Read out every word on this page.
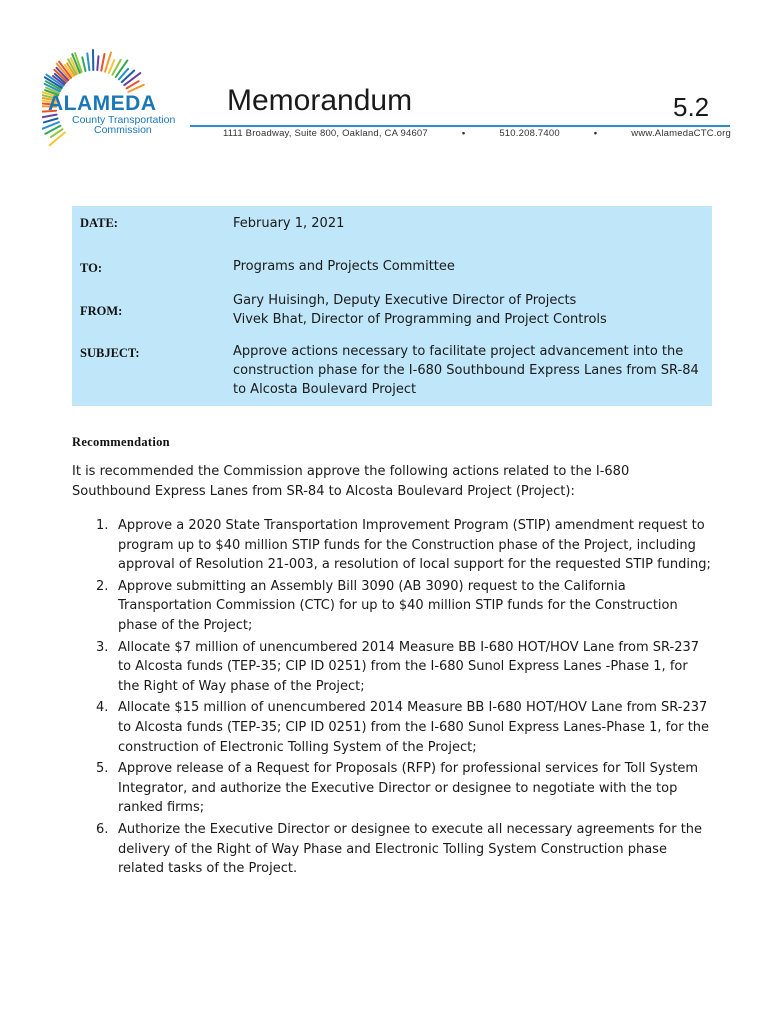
ALAMEDA
County Transportation
Commission
Memorandum	5.2
1111 Broadway, Suite 800, Oakland, CA 94607	•	510.208.7400	•	www.AlamedaCTC.org
DATE:	February 1, 2021
TO:	Programs and Projects Committee
FROM:
Gary Huisingh, Deputy Executive Director of Projects
Vivek Bhat, Director of Programming and Project Controls
SUBJECT:	Approve actions necessary to facilitate project advancement into the construction phase for the I-680 Southbound Express Lanes from SR-84 to Alcosta Boulevard Project
Recommendation
It is recommended the Commission approve the following actions related to the I-680 Southbound Express Lanes from SR-84 to Alcosta Boulevard Project (Project):
1. Approve a 2020 State Transportation Improvement Program (STIP) amendment request to program up to $40 million STIP funds for the Construction phase of the Project, including approval of Resolution 21-003, a resolution of local support for the requested STIP funding;
2. Approve submitting an Assembly Bill 3090 (AB 3090) request to the California Transportation Commission (CTC) for up to $40 million STIP funds for the Construction phase of the Project;
3. Allocate $7 million of unencumbered 2014 Measure BB I-680 HOT/HOV Lane from SR-237 to Alcosta funds (TEP-35; CIP ID 0251) from the I-680 Sunol Express Lanes -Phase 1, for the Right of Way phase of the Project;
4. Allocate $15 million of unencumbered 2014 Measure BB I-680 HOT/HOV Lane from SR-237 to Alcosta funds (TEP-35; CIP ID 0251) from the I-680 Sunol Express Lanes-Phase 1, for the construction of Electronic Tolling System of the Project;
5. Approve release of a Request for Proposals (RFP) for professional services for Toll System Integrator, and authorize the Executive Director or designee to negotiate with the top ranked firms;
6. Authorize the Executive Director or designee to execute all necessary agreements for the delivery of the Right of Way Phase and Electronic Tolling System Construction phase related tasks of the Project.
